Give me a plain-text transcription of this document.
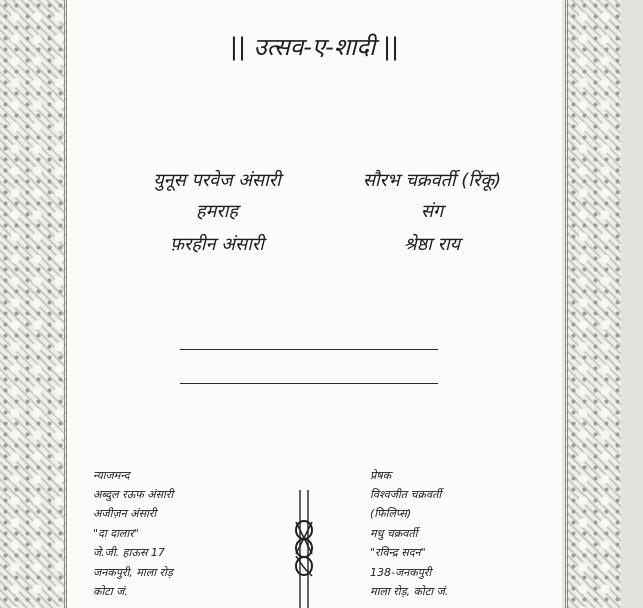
|| उत्सव-ए-शादी ||
युनूस परवेज अंसारी
हमराह
फ़रहीन अंसारी
सौरभ चक्रवर्ती (रिंकू)
संग
श्रेष्ठा राय
न्याजमन्द
अब्दुल रऊफ अंसारी
अजीज़न अंसारी
"दा दालार"
जे.जी. हाऊस 17
जनकपुरी, माला रोड़
कोटा जं.
प्रेषक
विश्वजीत चक्रवर्ती
(फिलिप्स)
मधु चक्रवर्ती
"रविन्द्र सदन"
138-जनकपुरी
माला रोड़, कोटा जं.
